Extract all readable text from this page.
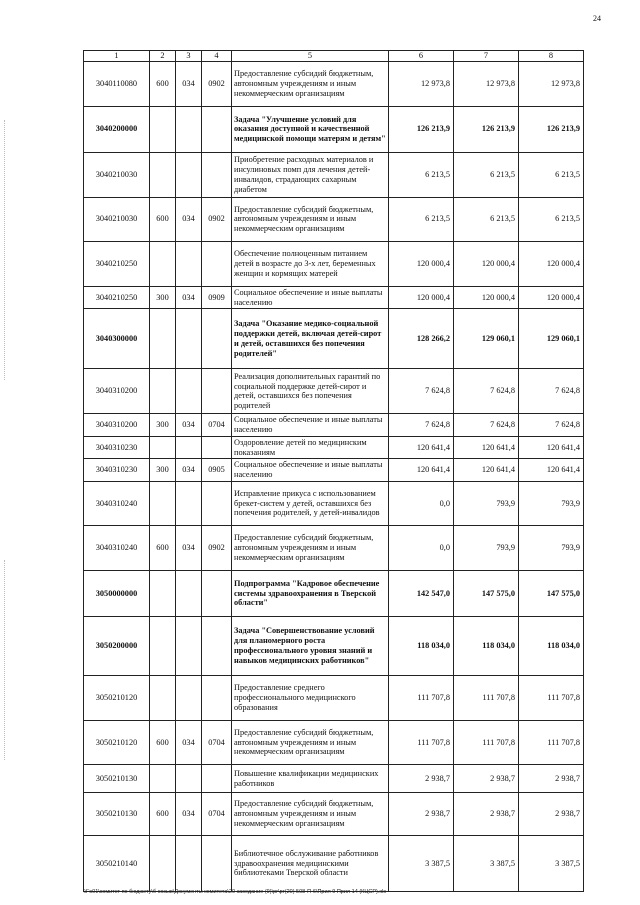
24
1	2	3	4	5	6	7	8
3040110080	600	034	0902	Предоставление субсидий бюджетным, автономным учреждениям и иным некоммерческим организациям	12 973,8	12 973,8	12 973,8
3040200000				Задача "Улучшение условий для оказания доступной и качественной медицинской помощи матерям и детям"	126 213,9	126 213,9	126 213,9
3040210030				Приобретение расходных материалов и инсулиновых помп для лечения детей-инвалидов, страдающих сахарным диабетом	6 213,5	6 213,5	6 213,5
3040210030	600	034	0902	Предоставление субсидий бюджетным, автономным учреждениям и иным некоммерческим организациям	6 213,5	6 213,5	6 213,5
3040210250				Обеспечение полноценным питанием детей в возрасте до 3-х лет, беременных женщин и кормящих матерей	120 000,4	120 000,4	120 000,4
3040210250	300	034	0909	Социальное обеспечение и иные выплаты населению	120 000,4	120 000,4	120 000,4
3040300000				Задача "Оказание медико-социальной поддержки детей, включая детей-сирот и детей, оставшихся без попечения родителей"	128 266,2	129 060,1	129 060,1
3040310200				Реализация дополнительных гарантий по социальной поддержке детей-сирот и детей, оставшихся без попечения родителей	7 624,8	7 624,8	7 624,8
3040310200	300	034	0704	Социальное обеспечение и иные выплаты населению	7 624,8	7 624,8	7 624,8
3040310230				Оздоровление детей по медицинским показаниям	120 641,4	120 641,4	120 641,4
3040310230	300	034	0905	Социальное обеспечение и иные выплаты населению	120 641,4	120 641,4	120 641,4
3040310240				Исправление прикуса с использованием брекет-систем у детей, оставшихся без попечения родителей, у детей-инвалидов	0,0	793,9	793,9
3040310240	600	034	0902	Предоставление субсидий бюджетным, автономным учреждениям и иным некоммерческим организациям	0,0	793,9	793,9
3050000000				Подпрограмма "Кадровое обеспечение системы здравоохранения в Тверской области"	142 547,0	147 575,0	147 575,0
3050200000				Задача "Совершенствование условий для планомерного роста профессионального уровня знаний и навыков медицинских работников"	118 034,0	118 034,0	118 034,0
3050210120				Предоставление среднего профессионального медицинского образования	111 707,8	111 707,8	111 707,8
3050210120	600	034	0704	Предоставление субсидий бюджетным, автономным учреждениям и иным некоммерческим организациям	111 707,8	111 707,8	111 707,8
3050210130				Повышение квалификации медицинских работников	2 938,7	2 938,7	2 938,7
3050210130	600	034	0704	Предоставление субсидий бюджетным, автономным учреждениям и иным некоммерческим организациям	2 938,7	2 938,7	2 938,7
3050210140				Библиотечное обслуживание работников здравоохранения медицинскими библиотеками Тверской области	3 387,5	3 387,5	3 387,5
\\Fs01\комитет по бюджету\б созыв\Документы комитета\20 заседание (9)\рг\рг(20) 508-П-6\Прил 9 Прил 14 (КЦСР).xls
